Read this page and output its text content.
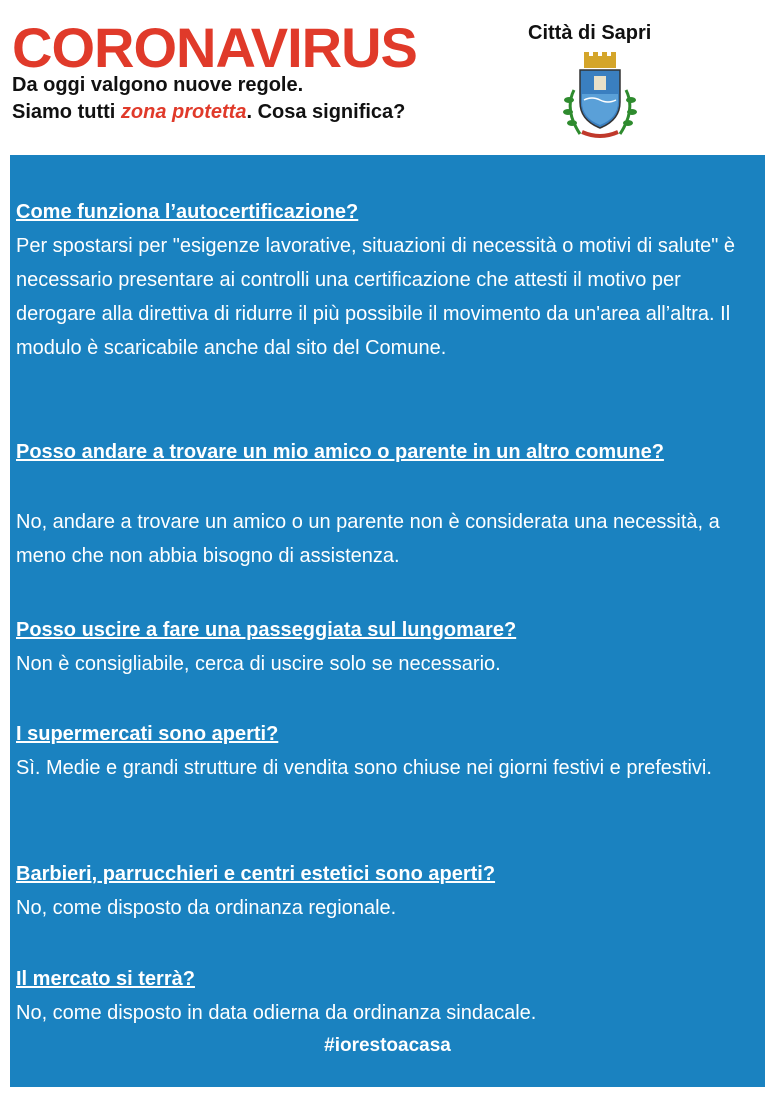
CORONAVIRUS
Da oggi valgono nuove regole.
Siamo tutti zona protetta. Cosa significa?
Città di Sapri
Come funziona l’autocertificazione?
Per spostarsi per "esigenze lavorative, situazioni di necessità o motivi di salute" è necessario presentare ai controlli una certificazione che attesti il motivo per derogare alla direttiva di ridurre il più possibile il movimento da un'area all’altra. Il modulo è scaricabile anche dal sito del Comune.
Posso andare a trovare un mio amico o parente in un altro comune?
No, andare a trovare un amico o un parente non è considerata una necessità, a meno che non abbia bisogno di assistenza.
Posso uscire a fare una passeggiata sul lungomare?
Non è consigliabile, cerca di uscire solo se necessario.
I supermercati sono aperti?
Sì. Medie e grandi strutture di vendita sono chiuse nei giorni festivi e prefestivi.
Barbieri, parrucchieri e centri estetici sono aperti?
No, come disposto da ordinanza regionale.
Il mercato si terrà?
No, come disposto in data odierna da ordinanza sindacale.
#iorestoacasa
